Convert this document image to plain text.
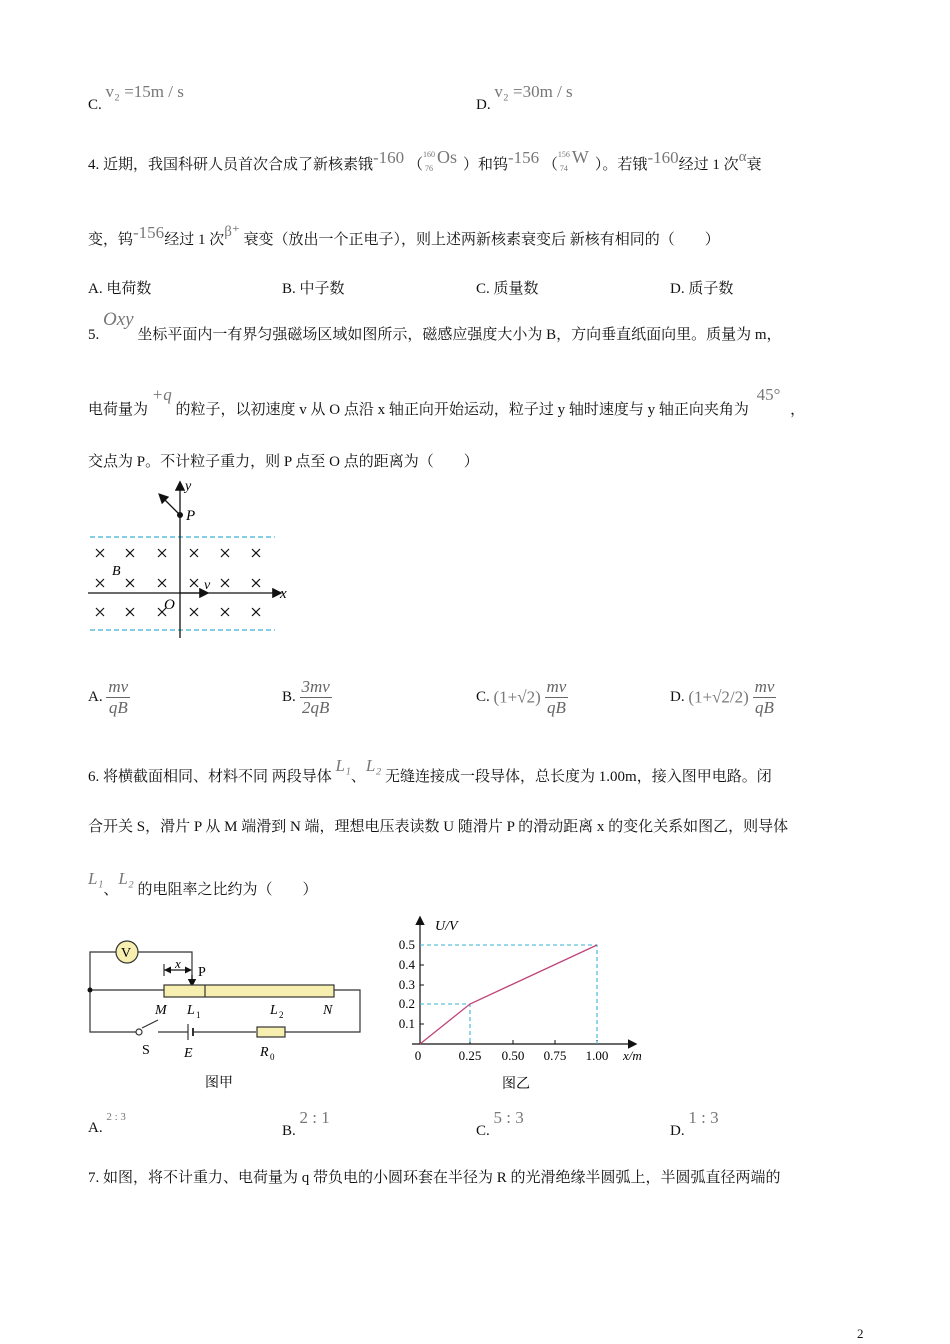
C. v₂ =15m / s
D. v₂ =30m / s
4. 近期，我国科研人员首次合成了新核素锇-160 （$^{160}$76Os ）和钨-156 （$^{156}$74W ）。若锇-160经过 1 次α衰
变，钨-156经过 1 次β⁺ 衰变（放出一个正电子），则上述两新核素衰变后 新核有相同的（　　）
A. 电荷数	B. 中子数	C. 质量数	D. 质子数
5. Oxy 坐标平面内一有界匀强磁场区域如图所示，磁感应强度大小为 B，方向垂直纸面向里。质量为 m，
电荷量为 +q 的粒子，以初速度 v 从 O 点沿 x 轴正向开始运动，粒子过 y 轴时速度与 y 轴正向夹角为 45° ，
交点为 P。不计粒子重力，则 P 点至 O 点的距离为（　　）
y
P
B
v
O
x
A. $\frac{mv}{qB}$	B. $\frac{3mv}{2qB}$	C. $(1+√2) \frac{mv}{qB}$	D. $(1+√2/2) \frac{mv}{qB}$
6. 将横截面相同、材料不同 两段导体 L₁、L₂ 无缝连接成一段导体，总长度为 1.00m，接入图甲电路。闭
合开关 S，滑片 P 从 M 端滑到 N 端，理想电压表读数 U 随滑片 P 的滑动距离 x 的变化关系如图乙，则导体
L₁、L₂ 的电阻率之比约为（　　）
V
x
P
M L 1	L 2	N
S E	R 0
图甲
U/V
0.1
0.2
0.3
0.4
0.5
0	0.25 0.50 0.75 1.00 x/m
图乙
A. $^{2 : 3}$
B. 2 : 1
C. 5 : 3
D. 1 : 3
7. 如图，将不计重力、电荷量为 q 带负电的小圆环套在半径为 R 的光滑绝缘半圆弧上，半圆弧直径两端的
2
